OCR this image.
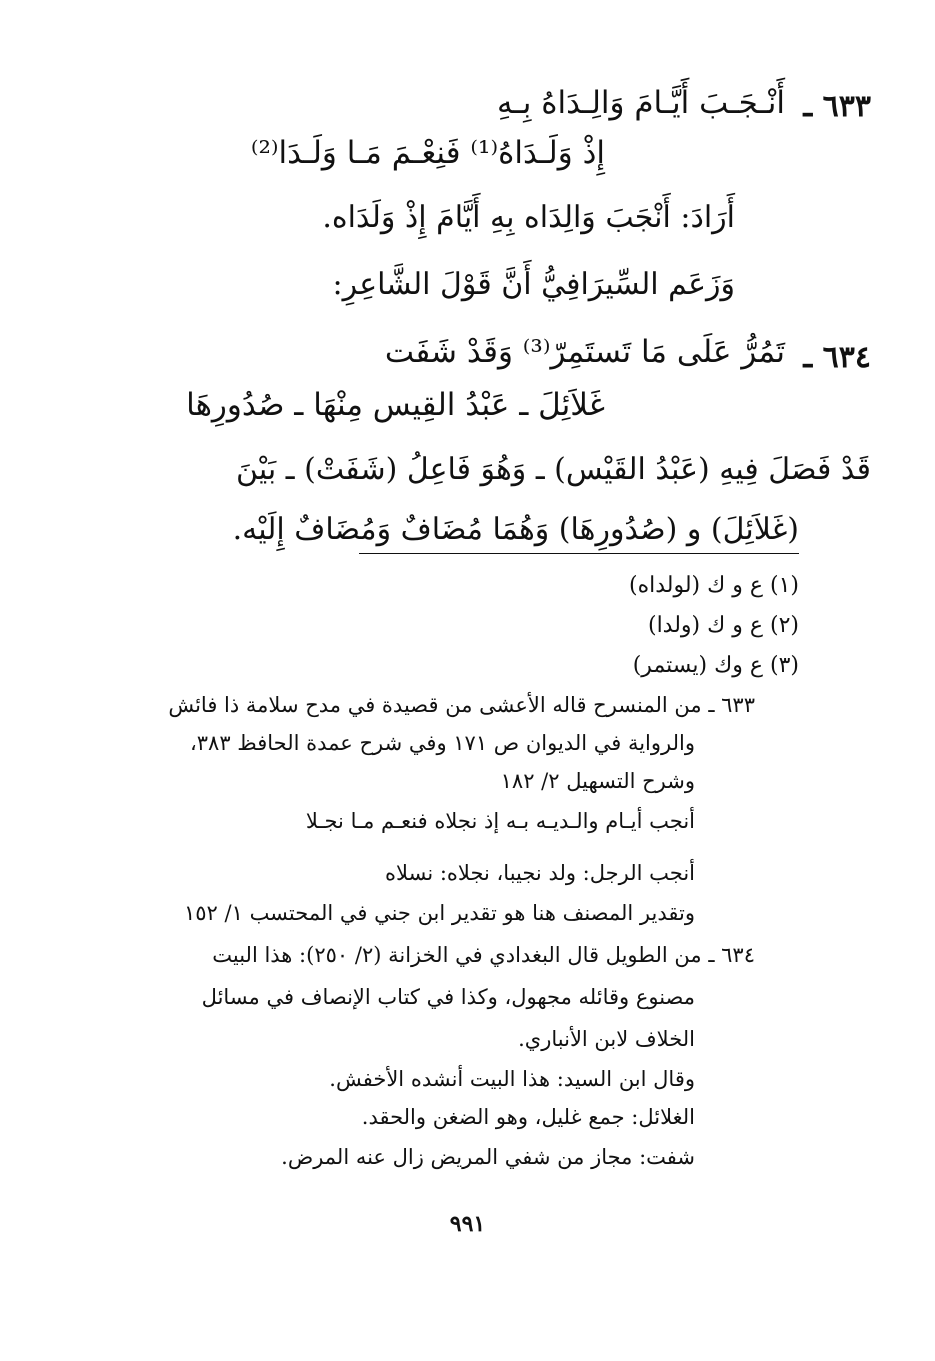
٦٣٣ ـ
أَنْـجَـبَ أَيَّـامَ وَالِـدَاهُ بِـهِ
إِذْ وَلَـدَاهُ⁽¹⁾ فَنِعْـمَ مَـا وَلَـدَا⁽²⁾
أَرَادَ: أَنْجَبَ وَالِدَاه بِهِ أَيَّامَ إِذْ وَلَدَاه.
وَزَعَم السِّيرَافِيُّ أَنَّ قَوْلَ الشَّاعِرِ:
٦٣٤ ـ
تَمُرُّ عَلَى مَا تَستَمِرّ⁽³⁾ وَقَدْ شَفَت
غَلاَئِلَ ـ عَبْدُ القِيس مِنْهَا ـ صُدُورِهَا
قَدْ فَصَلَ فِيهِ (عَبْدُ القَيْس) ـ وَهُوَ فَاعِلُ (شَفَتْ) ـ بَيْنَ
(غَلاَئِلَ) و (صُدُورِهَا) وَهُمَا مُضَافٌ وَمُضَافٌ إِلَيْه.
(١) ع و ك (لولداه)
(٢) ع و ك (ولدا)
(٣) ع وك (يستمر)
٦٣٣ ـ من المنسرح قاله الأعشى من قصيدة في مدح سلامة ذا فائش
والرواية في الديوان ص ١٧١ وفي شرح عمدة الحافظ ٣٨٣،
وشرح التسهيل ٢/ ١٨٢
أنجب أيـام والـديـه بـه إذ نجلاه فنعـم مـا نجـلا
أنجب الرجل: ولد نجيبا، نجلاه: نسلاه
وتقدير المصنف هنا هو تقدير ابن جني في المحتسب ١/ ١٥٢
٦٣٤ ـ من الطويل قال البغدادي في الخزانة (٢/ ٢٥٠): هذا البيت
مصنوع وقائله مجهول، وكذا في كتاب الإنصاف في مسائل
الخلاف لابن الأنباري.
وقال ابن السيد: هذا البيت أنشده الأخفش.
الغلائل: جمع غليل، وهو الضغن والحقد.
شفت: مجاز من شفي المريض زال عنه المرض.
٩٩١
